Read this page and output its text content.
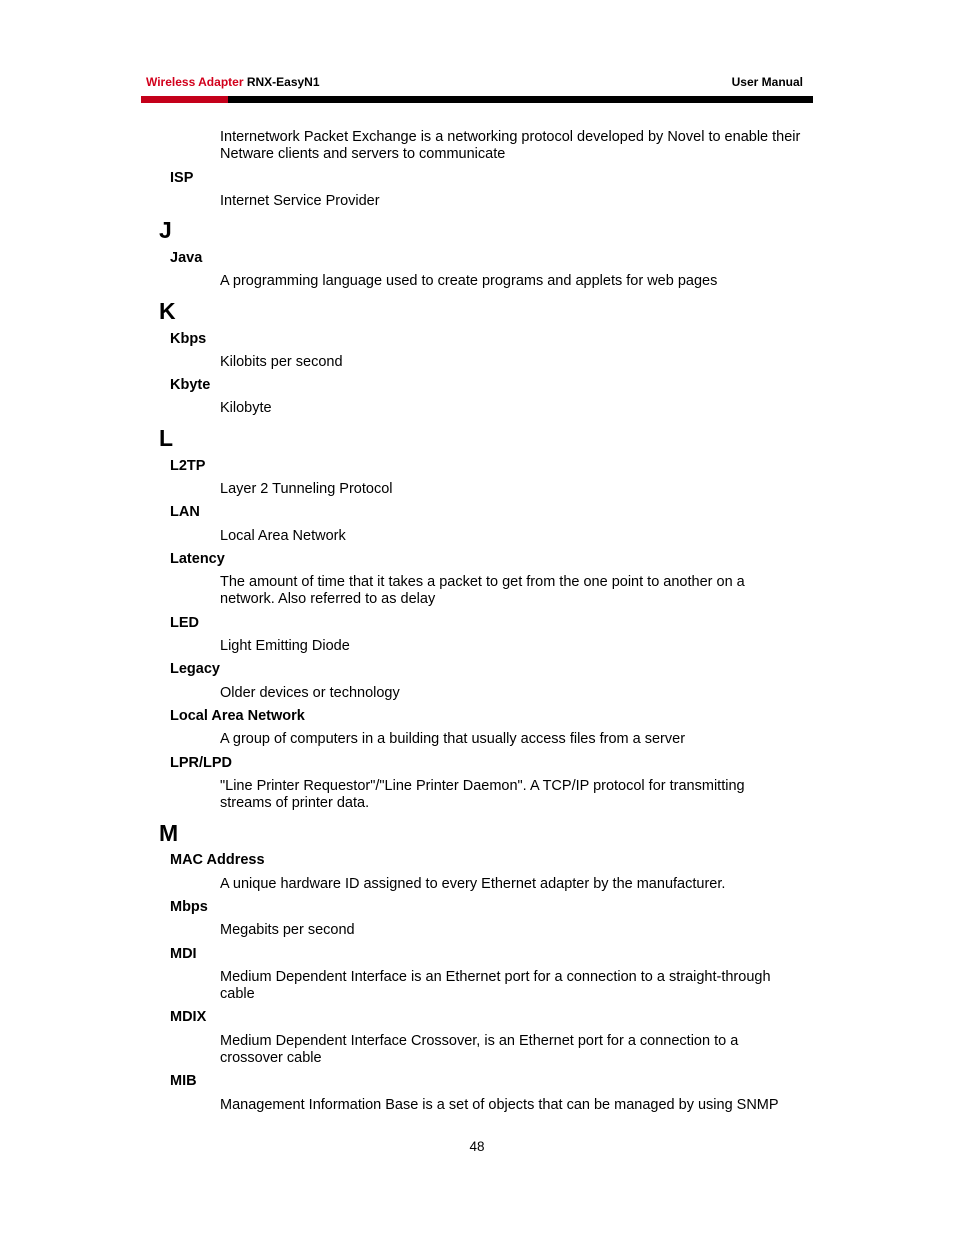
Wireless Adapter RNX-EasyN1	User Manual
Internetwork Packet Exchange is a networking protocol developed by Novel to enable their Netware clients and servers to communicate
ISP
Internet Service Provider
J
Java
A programming language used to create programs and applets for web pages
K
Kbps
Kilobits per second
Kbyte
Kilobyte
L
L2TP
Layer 2 Tunneling Protocol
LAN
Local Area Network
Latency
The amount of time that it takes a packet to get from the one point to another on a network. Also referred to as delay
LED
Light Emitting Diode
Legacy
Older devices or technology
Local Area Network
A group of computers in a building that usually access files from a server
LPR/LPD
"Line Printer Requestor"/"Line Printer Daemon". A TCP/IP protocol for transmitting streams of printer data.
M
MAC Address
A unique hardware ID assigned to every Ethernet adapter by the manufacturer.
Mbps
Megabits per second
MDI
Medium Dependent Interface is an Ethernet port for a connection to a straight-through cable
MDIX
Medium Dependent Interface Crossover, is an Ethernet port for a connection to a crossover cable
MIB
Management Information Base is a set of objects that can be managed by using SNMP
48
